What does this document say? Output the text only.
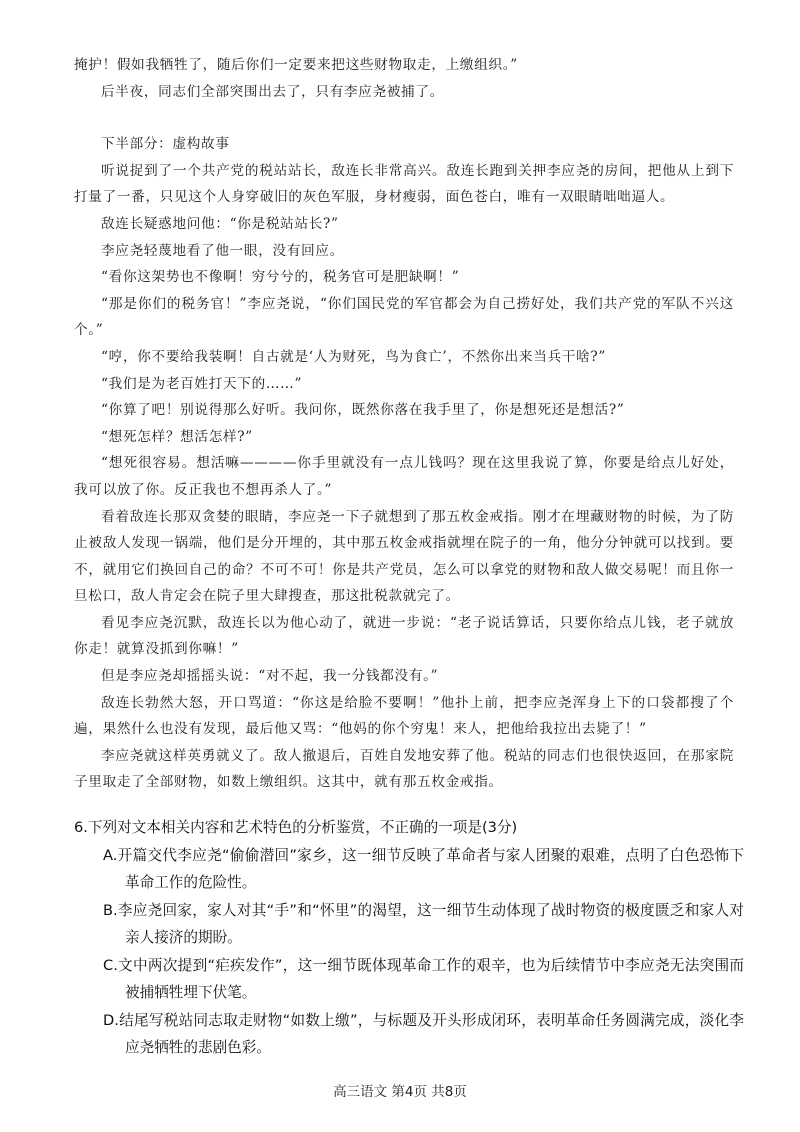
掩护！假如我牺牲了，随后你们一定要来把这些财物取走，上缴组织。”

后半夜，同志们全部突围出去了，只有李应尧被捕了。

下半部分：虚构故事

听说捉到了一个共产党的税站站长，敌连长非常高兴。敌连长跑到关押李应尧的房间，把他从上到下打量了一番，只见这个人身穿破旧的灰色军服，身材瘦弱，面色苍白，唯有一双眼睛咄咄逼人。

敌连长疑惑地问他：“你是税站站长?”

李应尧轻蔑地看了他一眼，没有回应。

“看你这架势也不像啊！穷兮兮的，税务官可是肥缺啊！”

“那是你们的税务官！”李应尧说，“你们国民党的军官都会为自己捞好处，我们共产党的军队不兴这个。”

“哼，你不要给我装啊！自古就是‘人为财死，鸟为食亡’，不然你出来当兵干啥?”

“我们是为老百姓打天下的……”

“你算了吧！别说得那么好听。我问你，既然你落在我手里了，你是想死还是想活?”

“想死怎样？想活怎样?”

“想死很容易。想活嘛————你手里就没有一点儿钱吗？现在这里我说了算，你要是给点儿好处，我可以放了你。反正我也不想再杀人了。”

看着敌连长那双贪婪的眼睛，李应尧一下子就想到了那五枚金戒指。刚才在埋藏财物的时候，为了防止被敌人发现一锅端，他们是分开埋的，其中那五枚金戒指就埋在院子的一角，他分分钟就可以找到。要不，就用它们换回自己的命？不可不可！你是共产党员，怎么可以拿党的财物和敌人做交易呢！而且你一旦松口，敌人肯定会在院子里大肆搜查，那这批税款就完了。

看见李应尧沉默，敌连长以为他心动了，就进一步说：“老子说话算话，只要你给点儿钱，老子就放你走！就算没抓到你嘛！”

但是李应尧却摇摇头说：“对不起，我一分钱都没有。”

敌连长勃然大怒，开口骂道：“你这是给脸不要啊！”他扑上前，把李应尧浑身上下的口袋都搜了个遍，果然什么也没有发现，最后他又骂：“他妈的你个穷鬼！来人，把他给我拉出去毙了！”

李应尧就这样英勇就义了。敌人撤退后，百姓自发地安葬了他。税站的同志们也很快返回，在那家院子里取走了全部财物，如数上缴组织。这其中，就有那五枚金戒指。

6.下列对文本相关内容和艺术特色的分析鉴赏，不正确的一项是(3分)

A.开篇交代李应尧“偷偷潜回”家乡，这一细节反映了革命者与家人团聚的艰难，点明了白色恐怖下革命工作的危险性。

B.李应尧回家，家人对其“手”和“怀里”的渴望，这一细节生动体现了战时物资的极度匮乏和家人对亲人接济的期盼。

C.文中两次提到“疟疾发作”，这一细节既体现革命工作的艰辛，也为后续情节中李应尧无法突围而被捕牺牲埋下伏笔。

D.结尾写税站同志取走财物“如数上缴”，与标题及开头形成闭环，表明革命任务圆满完成，淡化李应尧牺牲的悲剧色彩。

高三语文 第4页 共8页
